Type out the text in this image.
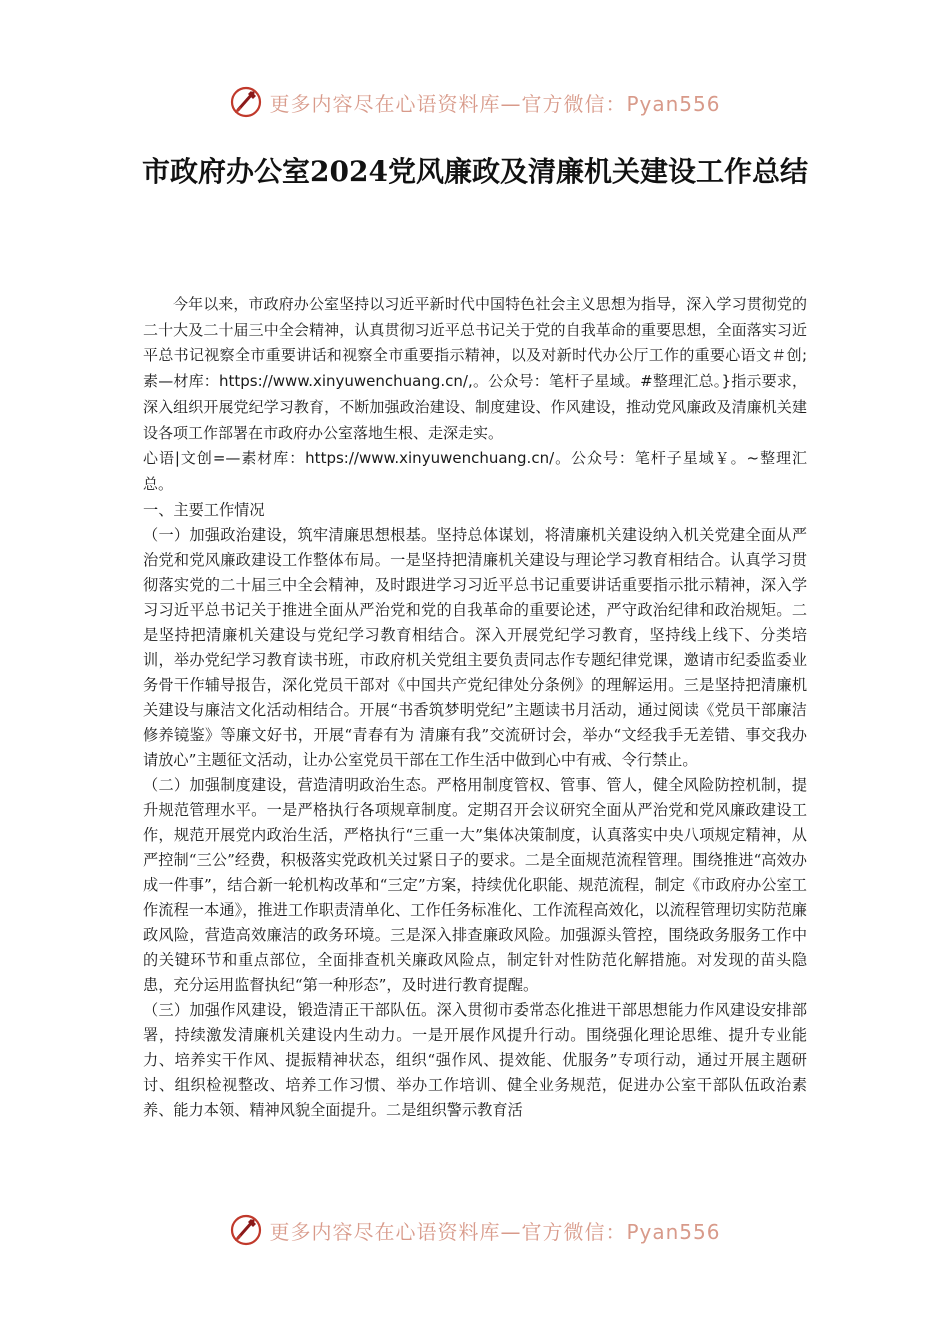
更多内容尽在心语资料库—官方微信：Pyan556
市政府办公室2024党风廉政及清廉机关建设工作总结

今年以来，市政府办公室坚持以习近平新时代中国特色社会主义思想为指导，深入学习贯彻党的二十大及二十届三中全会精神，认真贯彻习近平总书记关于党的自我革命的重要思想，全面落实习近平总书记视察全市重要讲话和视察全市重要指示精神，以及对新时代办公厅工作的重要心语文＃创;素—材库：https://www.xinyuwenchuang.cn/,。公众号：笔杆子星域。#整理汇总。}指示要求，深入组织开展党纪学习教育，不断加强政治建设、制度建设、作风建设，推动党风廉政及清廉机关建设各项工作部署在市政府办公室落地生根、走深走实。

心语|文创=—素材库：https://www.xinyuwenchuang.cn/。公众号：笔杆子星域￥。~整理汇总。

一、主要工作情况

（一）加强政治建设，筑牢清廉思想根基。坚持总体谋划，将清廉机关建设纳入机关党建全面从严治党和党风廉政建设工作整体布局。一是坚持把清廉机关建设与理论学习教育相结合。认真学习贯彻落实党的二十届三中全会精神，及时跟进学习习近平总书记重要讲话重要指示批示精神，深入学习习近平总书记关于推进全面从严治党和党的自我革命的重要论述，严守政治纪律和政治规矩。二是坚持把清廉机关建设与党纪学习教育相结合。深入开展党纪学习教育，坚持线上线下、分类培训，举办党纪学习教育读书班，市政府机关党组主要负责同志作专题纪律党课，邀请市纪委监委业务骨干作辅导报告，深化党员干部对《中国共产党纪律处分条例》的理解运用。三是坚持把清廉机关建设与廉洁文化活动相结合。开展“书香筑梦明党纪”主题读书月活动，通过阅读《党员干部廉洁修养镜鉴》等廉文好书，开展“青春有为 清廉有我”交流研讨会，举办“文经我手无差错、事交我办请放心”主题征文活动，让办公室党员干部在工作生活中做到心中有戒、令行禁止。

（二）加强制度建设，营造清明政治生态。严格用制度管权、管事、管人，健全风险防控机制，提升规范管理水平。一是严格执行各项规章制度。定期召开会议研究全面从严治党和党风廉政建设工作，规范开展党内政治生活，严格执行“三重一大”集体决策制度，认真落实中央八项规定精神，从严控制“三公”经费，积极落实党政机关过紧日子的要求。二是全面规范流程管理。围绕推进“高效办成一件事”，结合新一轮机构改革和“三定”方案，持续优化职能、规范流程，制定《市政府办公室工作流程一本通》，推进工作职责清单化、工作任务标准化、工作流程高效化，以流程管理切实防范廉政风险，营造高效廉洁的政务环境。三是深入排查廉政风险。加强源头管控，围绕政务服务工作中的关键环节和重点部位，全面排查机关廉政风险点，制定针对性防范化解措施。对发现的苗头隐患，充分运用监督执纪“第一种形态”，及时进行教育提醒。

（三）加强作风建设，锻造清正干部队伍。深入贯彻市委常态化推进干部思想能力作风建设安排部署，持续激发清廉机关建设内生动力。一是开展作风提升行动。围绕强化理论思维、提升专业能力、培养实干作风、提振精神状态，组织“强作风、提效能、优服务”专项行动，通过开展主题研讨、组织检视整改、培养工作习惯、举办工作培训、健全业务规范，促进办公室干部队伍政治素养、能力本领、精神风貌全面提升。二是组织警示教育活

更多内容尽在心语资料库—官方微信：Pyan556
